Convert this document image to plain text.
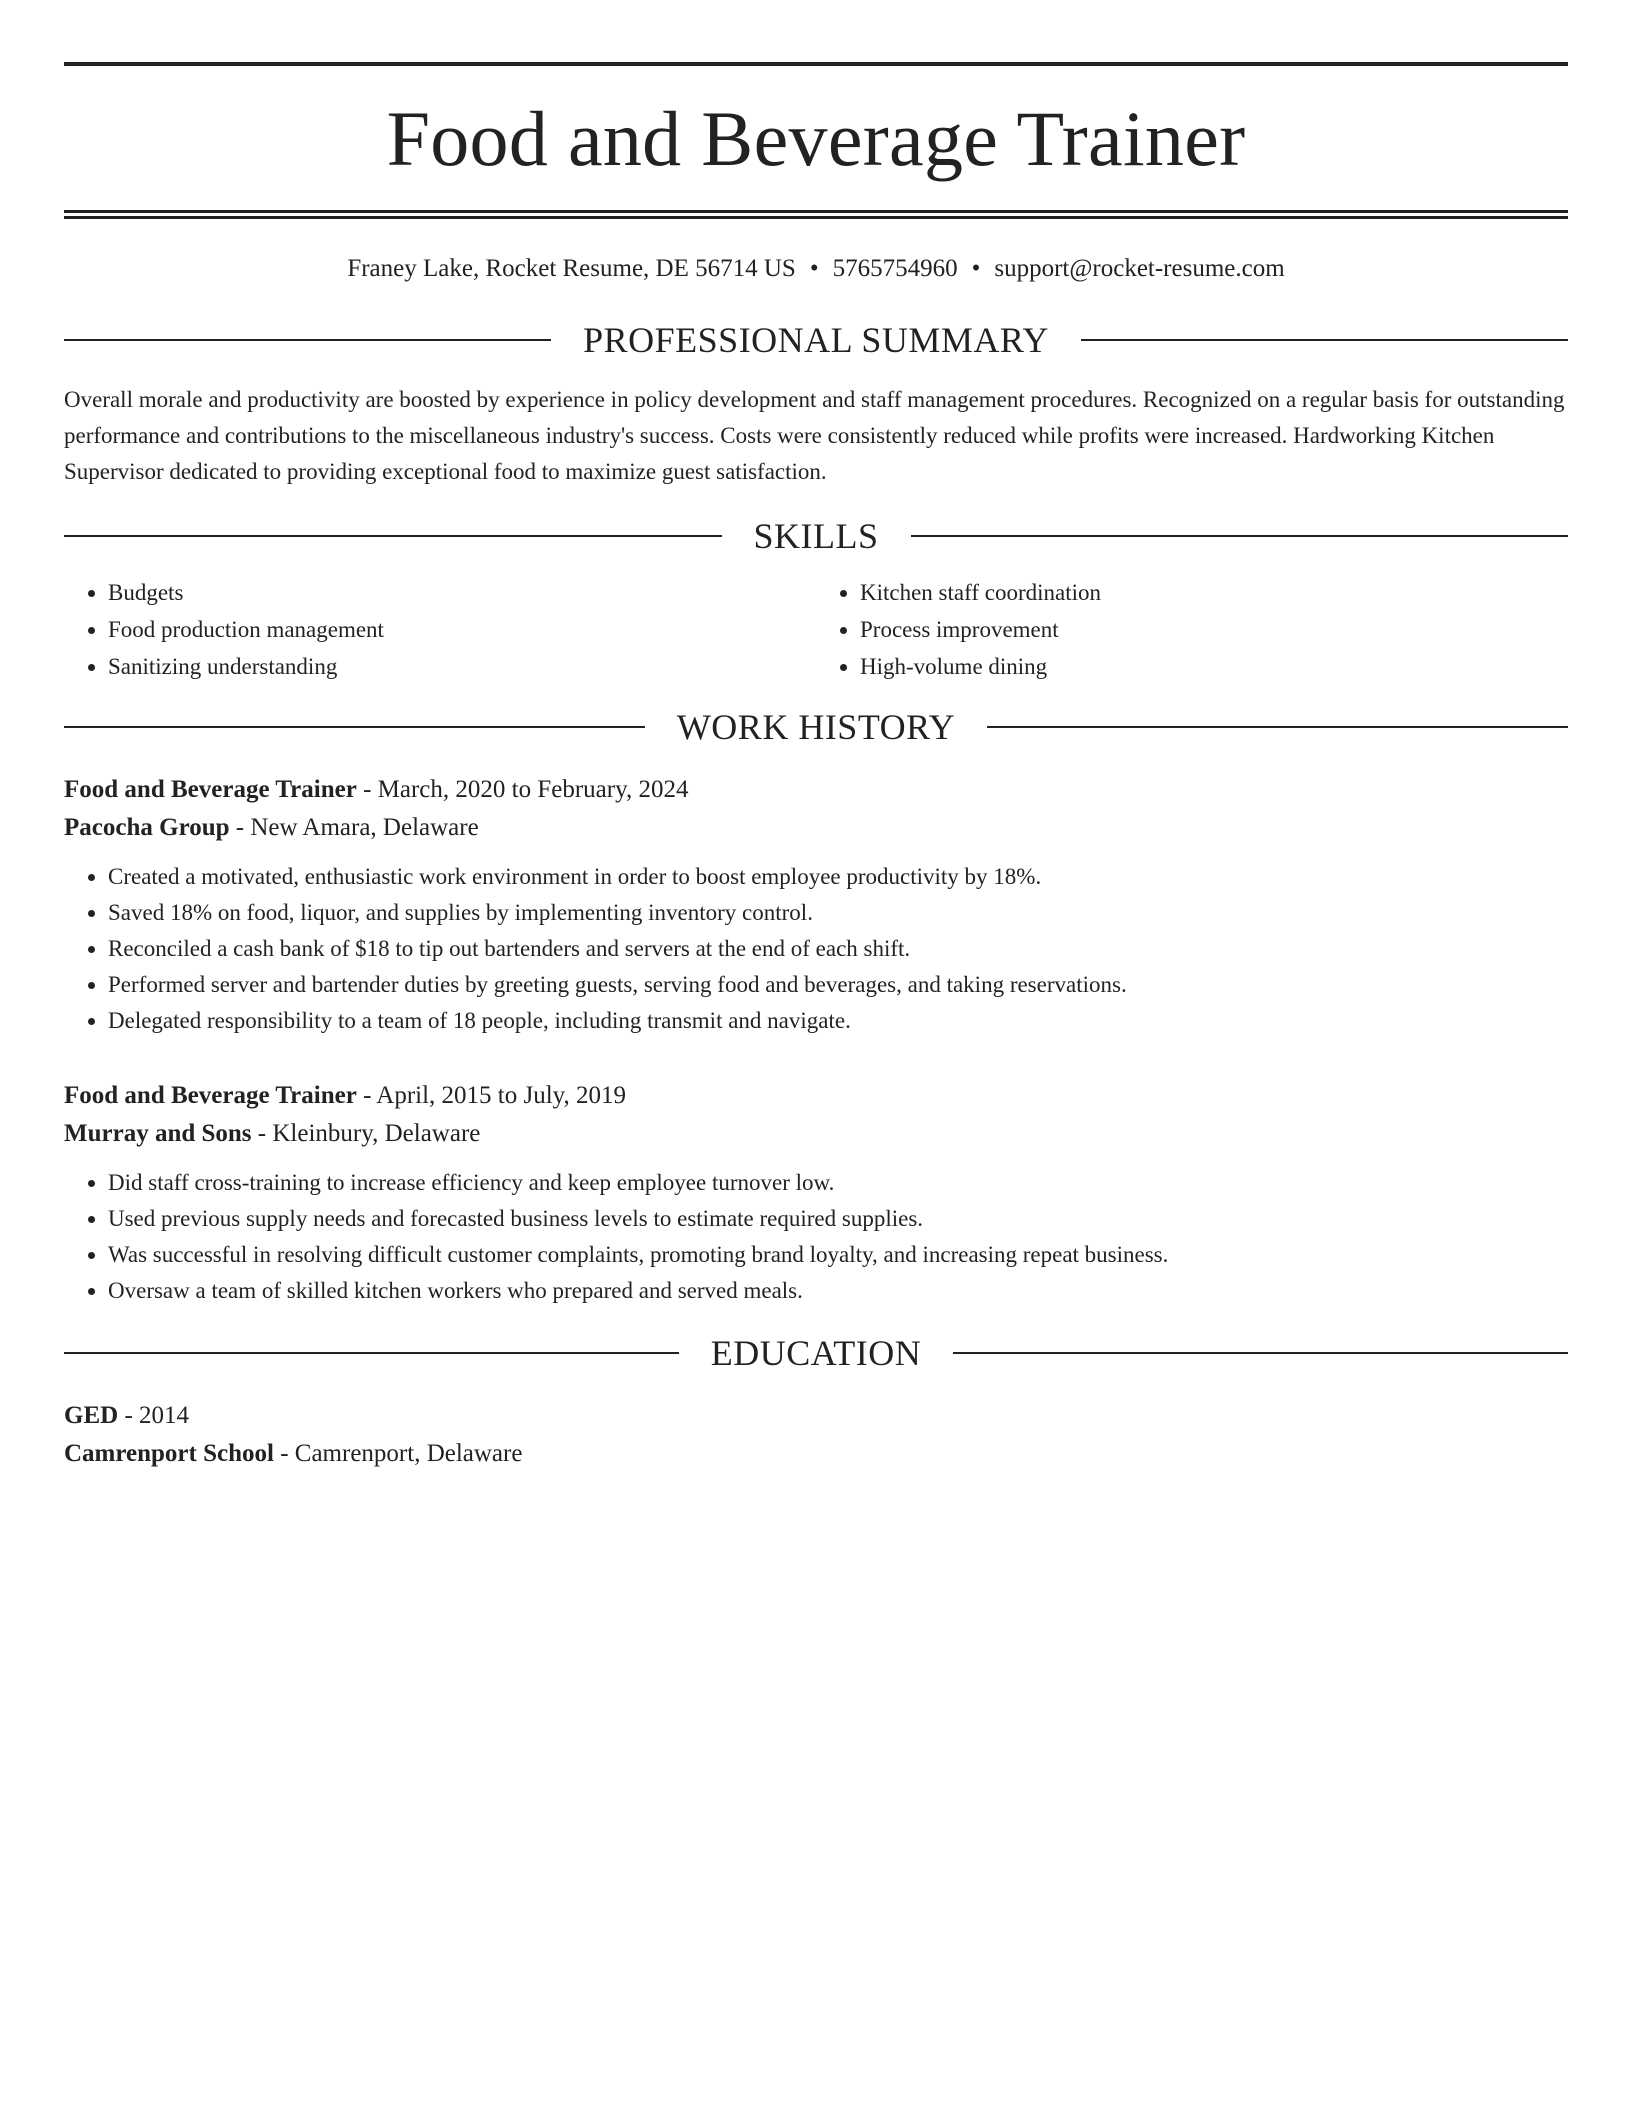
Food and Beverage Trainer
Franey Lake, Rocket Resume, DE 56714 US • 5765754960 • support@rocket-resume.com
PROFESSIONAL SUMMARY
Overall morale and productivity are boosted by experience in policy development and staff management procedures. Recognized on a regular basis for outstanding performance and contributions to the miscellaneous industry's success. Costs were consistently reduced while profits were increased. Hardworking Kitchen Supervisor dedicated to providing exceptional food to maximize guest satisfaction.
SKILLS
• Budgets
• Food production management
• Sanitizing understanding
• Kitchen staff coordination
• Process improvement
• High-volume dining
WORK HISTORY
Food and Beverage Trainer - March, 2020 to February, 2024
Pacocha Group - New Amara, Delaware
• Created a motivated, enthusiastic work environment in order to boost employee productivity by 18%.
• Saved 18% on food, liquor, and supplies by implementing inventory control.
• Reconciled a cash bank of $18 to tip out bartenders and servers at the end of each shift.
• Performed server and bartender duties by greeting guests, serving food and beverages, and taking reservations.
• Delegated responsibility to a team of 18 people, including transmit and navigate.
Food and Beverage Trainer - April, 2015 to July, 2019
Murray and Sons - Kleinbury, Delaware
• Did staff cross-training to increase efficiency and keep employee turnover low.
• Used previous supply needs and forecasted business levels to estimate required supplies.
• Was successful in resolving difficult customer complaints, promoting brand loyalty, and increasing repeat business.
• Oversaw a team of skilled kitchen workers who prepared and served meals.
EDUCATION
GED - 2014
Camrenport School - Camrenport, Delaware
